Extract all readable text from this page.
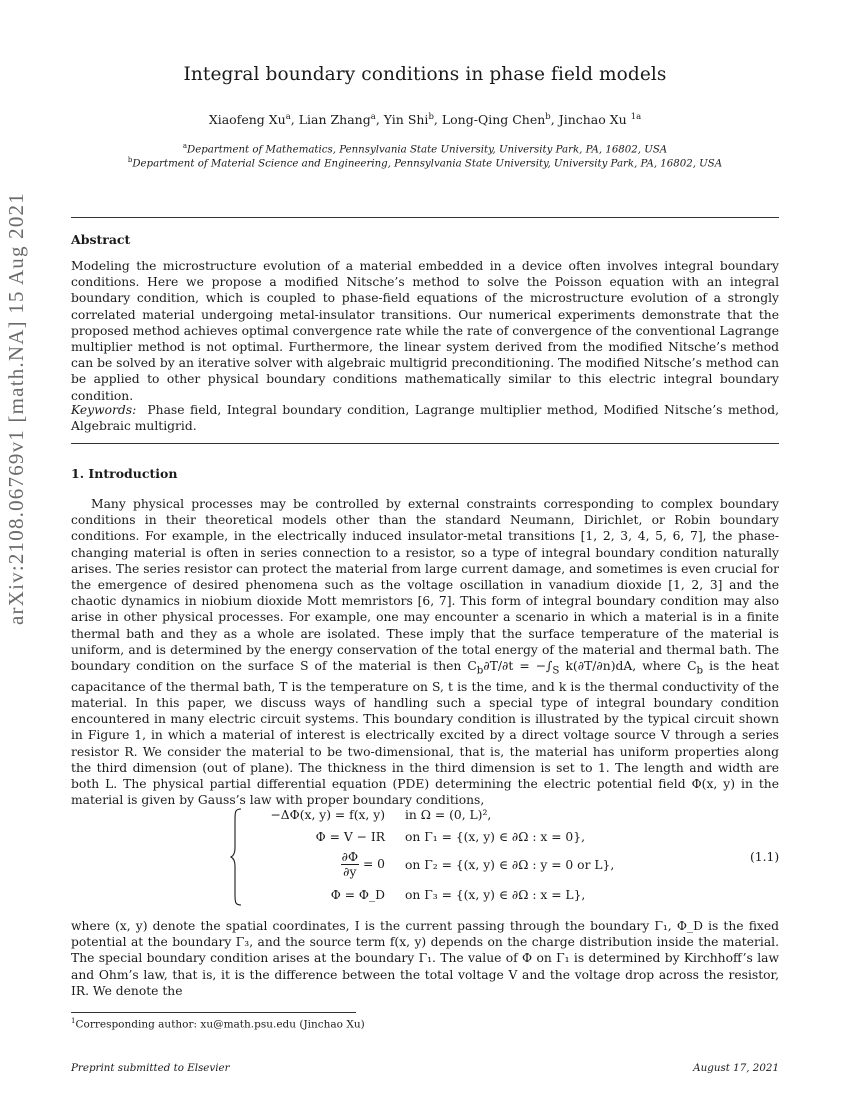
arXiv:2108.06769v1 [math.NA] 15 Aug 2021
Integral boundary conditions in phase field models
Xiaofeng Xu$^a$, Lian Zhang$^a$, Yin Shi$^b$, Long-Qing Chen$^b$, Jinchao Xu $^{1a}$
$^a$Department of Mathematics, Pennsylvania State University, University Park, PA, 16802, USA
$^b$Department of Material Science and Engineering, Pennsylvania State University, University Park, PA, 16802, USA
Abstract

Modeling the microstructure evolution of a material embedded in a device often involves integral boundary conditions. Here we propose a modified Nitsche’s method to solve the Poisson equation with an integral boundary condition, which is coupled to phase-field equations of the microstructure evolution of a strongly correlated material undergoing metal-insulator transitions. Our numerical experiments demonstrate that the proposed method achieves optimal convergence rate while the rate of convergence of the conventional Lagrange multiplier method is not optimal. Furthermore, the linear system derived from the modified Nitsche’s method can be solved by an iterative solver with algebraic multigrid preconditioning. The modified Nitsche’s method can be applied to other physical boundary conditions mathematically similar to this electric integral boundary condition.

Keywords: Phase field, Integral boundary condition, Lagrange multiplier method, Modified Nitsche’s method, Algebraic multigrid.

1. Introduction

Many physical processes may be controlled by external constraints corresponding to complex boundary conditions in their theoretical models other than the standard Neumann, Dirichlet, or Robin boundary conditions. For example, in the electrically induced insulator-metal transitions [1, 2, 3, 4, 5, 6, 7], the phase-changing material is often in series connection to a resistor, so a type of integral boundary condition naturally arises. The series resistor can protect the material from large current damage, and sometimes is even crucial for the emergence of desired phenomena such as the voltage oscillation in vanadium dioxide [1, 2, 3] and the chaotic dynamics in niobium dioxide Mott memristors [6, 7]. This form of integral boundary condition may also arise in other physical processes. For example, one may encounter a scenario in which a material is in a finite thermal bath and they as a whole are isolated. These imply that the surface temperature of the material is uniform, and is determined by the energy conservation of the total energy of the material and thermal bath. The boundary condition on the surface S of the material is then $C_b\partial T/\partial t = -\int_S$ k(∂T/∂n)dA, where $C_b$ is the heat capacitance of the thermal bath, T is the temperature on S, t is the time, and k is the thermal conductivity of the material. In this paper, we discuss ways of handling such a special type of integral boundary condition encountered in many electric circuit systems. This boundary condition is illustrated by the typical circuit shown in Figure 1, in which a material of interest is electrically excited by a direct voltage source V through a series resistor R. We consider the material to be two-dimensional, that is, the material has uniform properties along the third dimension (out of plane). The thickness in the third dimension is set to 1. The length and width are both L. The physical partial differential equation (PDE) determining the electric potential field Φ(x, y) in the material is given by Gauss’s law with proper boundary conditions,

−ΔΦ(x, y) = f(x, y) in Ω = (0, L)²,
Φ = V − IR on Γ₁ = {(x, y) ∈ ∂Ω : x = 0},
$\frac{\partial\Phi}{\partial y} = 0$ on Γ₂ = {(x, y) ∈ ∂Ω : y = 0 or L},
Φ = Φ_D on Γ₃ = {(x, y) ∈ ∂Ω : x = L},
(1.1)

where (x, y) denote the spatial coordinates, I is the current passing through the boundary Γ₁, Φ_D is the fixed potential at the boundary Γ₃, and the source term f(x, y) depends on the charge distribution inside the material. The special boundary condition arises at the boundary Γ₁. The value of Φ on Γ₁ is determined by Kirchhoff’s law and Ohm’s law, that is, it is the difference between the total voltage V and the voltage drop across the resistor, IR. We denote the

$^1$Corresponding author: xu@math.psu.edu (Jinchao Xu)
Preprint submitted to Elsevier	August 17, 2021
